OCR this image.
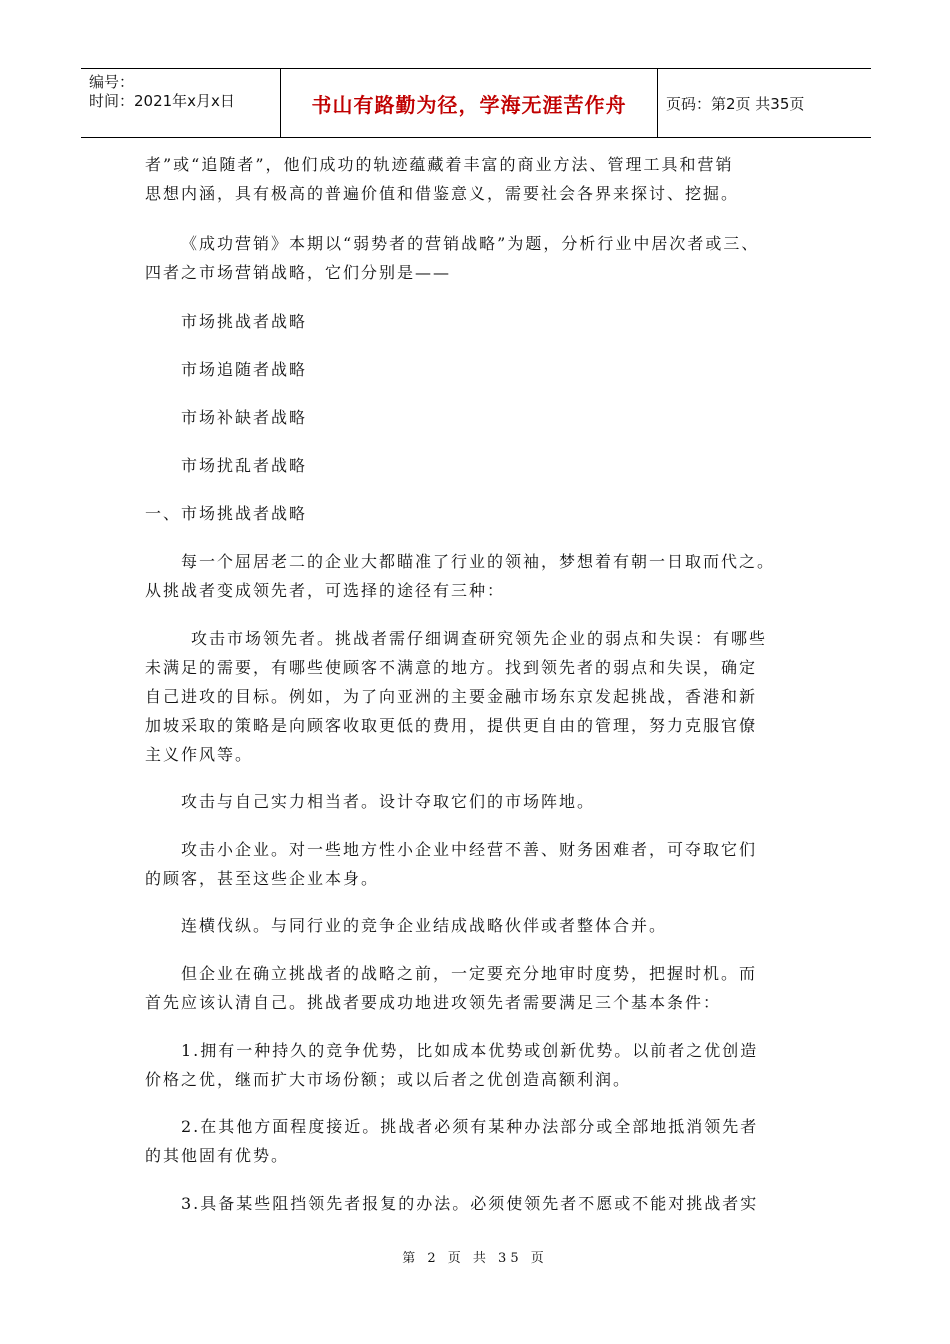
编号：
时间：2021年x月x日	书山有路勤为径，学海无涯苦作舟	页码：第2页 共35页
者”或“追随者”，他们成功的轨迹蕴藏着丰富的商业方法、管理工具和营销
思想内涵，具有极高的普遍价值和借鉴意义，需要社会各界来探讨、挖掘。
《成功营销》本期以“弱势者的营销战略”为题，分析行业中居次者或三、
四者之市场营销战略，它们分别是——
市场挑战者战略
市场追随者战略
市场补缺者战略
市场扰乱者战略
一、市场挑战者战略
每一个屈居老二的企业大都瞄准了行业的领袖，梦想着有朝一日取而代之。
从挑战者变成领先者，可选择的途径有三种：
攻击市场领先者。挑战者需仔细调查研究领先企业的弱点和失误：有哪些
未满足的需要，有哪些使顾客不满意的地方。找到领先者的弱点和失误，确定
自己进攻的目标。例如，为了向亚洲的主要金融市场东京发起挑战，香港和新
加坡采取的策略是向顾客收取更低的费用，提供更自由的管理，努力克服官僚
主义作风等。
攻击与自己实力相当者。设计夺取它们的市场阵地。
攻击小企业。对一些地方性小企业中经营不善、财务困难者，可夺取它们
的顾客，甚至这些企业本身。
连横伐纵。与同行业的竞争企业结成战略伙伴或者整体合并。
但企业在确立挑战者的战略之前，一定要充分地审时度势，把握时机。而
首先应该认清自己。挑战者要成功地进攻领先者需要满足三个基本条件：
1.拥有一种持久的竞争优势，比如成本优势或创新优势。以前者之优创造
价格之优，继而扩大市场份额；或以后者之优创造高额利润。
2.在其他方面程度接近。挑战者必须有某种办法部分或全部地抵消领先者
的其他固有优势。
3.具备某些阻挡领先者报复的办法。必须使领先者不愿或不能对挑战者实
第 2 页 共 35 页
